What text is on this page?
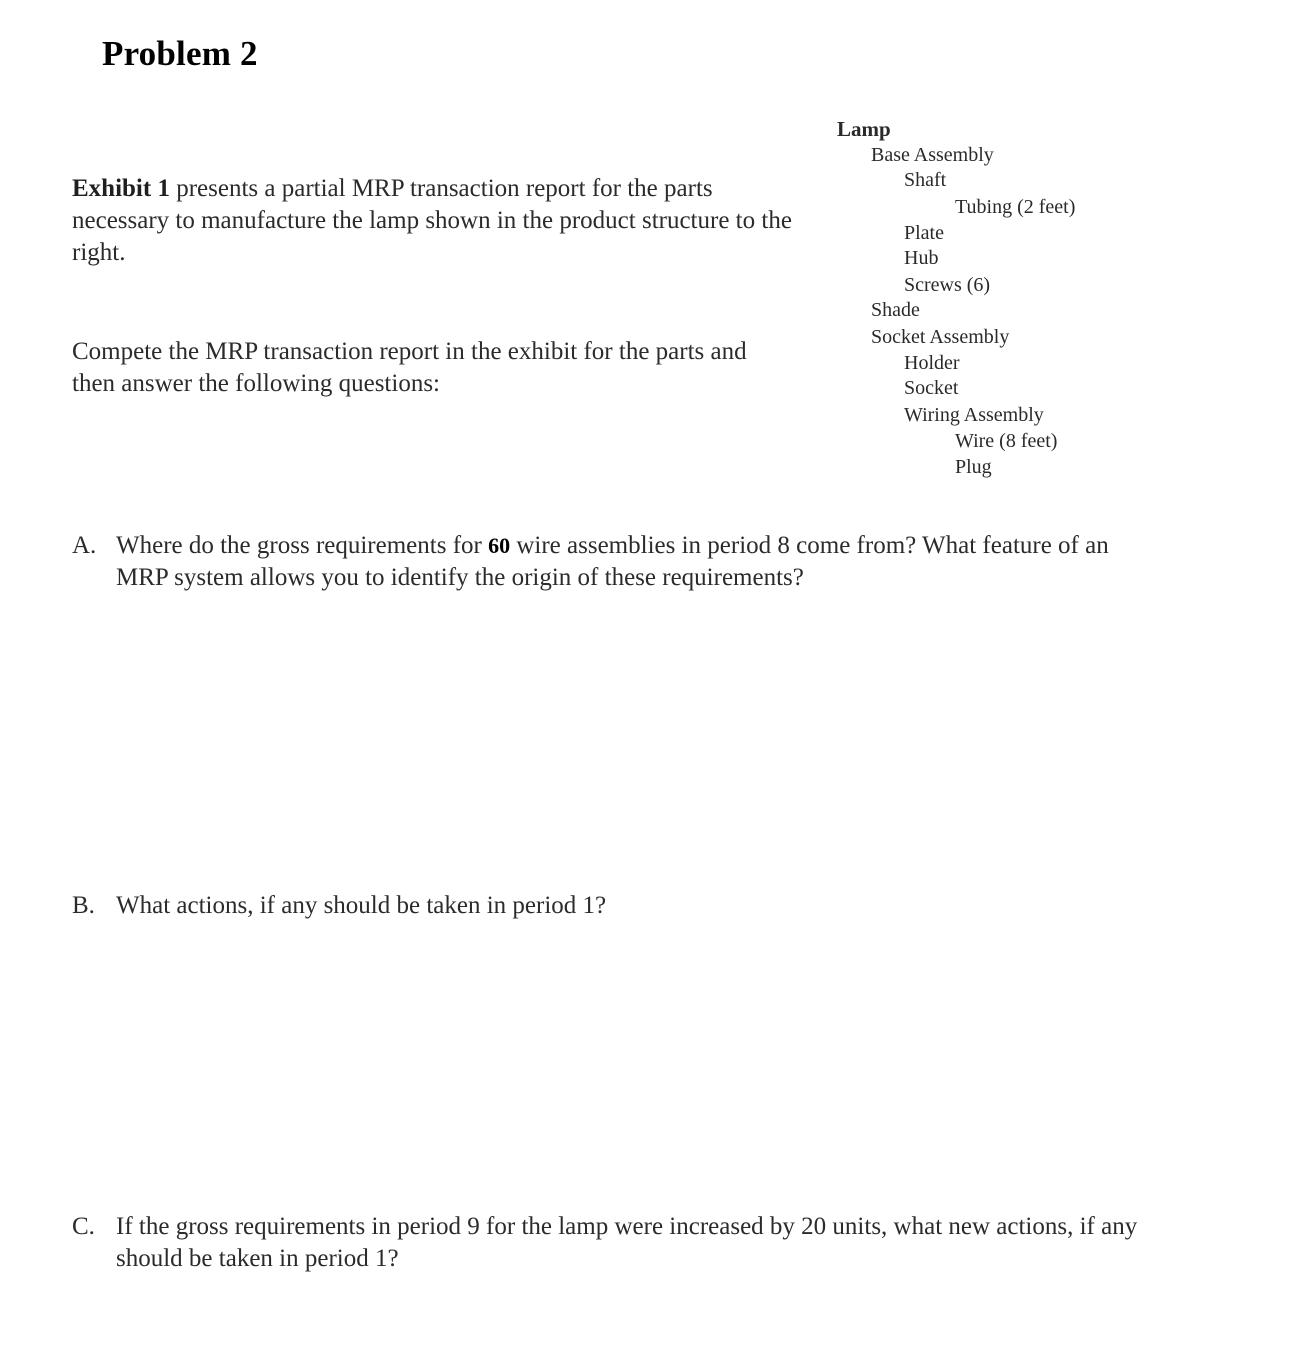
Problem 2
Exhibit 1 presents a partial MRP transaction report for the parts necessary to manufacture the lamp shown in the product structure to the right.
Compete the MRP transaction report in the exhibit for the parts and then answer the following questions:
Lamp
Base Assembly
Shaft
Tubing (2 feet)
Plate
Hub
Screws (6)
Shade
Socket Assembly
Holder
Socket
Wiring Assembly
Wire (8 feet)
Plug
A. Where do the gross requirements for 60 wire assemblies in period 8 come from? What feature of an MRP system allows you to identify the origin of these requirements?
B. What actions, if any should be taken in period 1?
C. If the gross requirements in period 9 for the lamp were increased by 20 units, what new actions, if any should be taken in period 1?
